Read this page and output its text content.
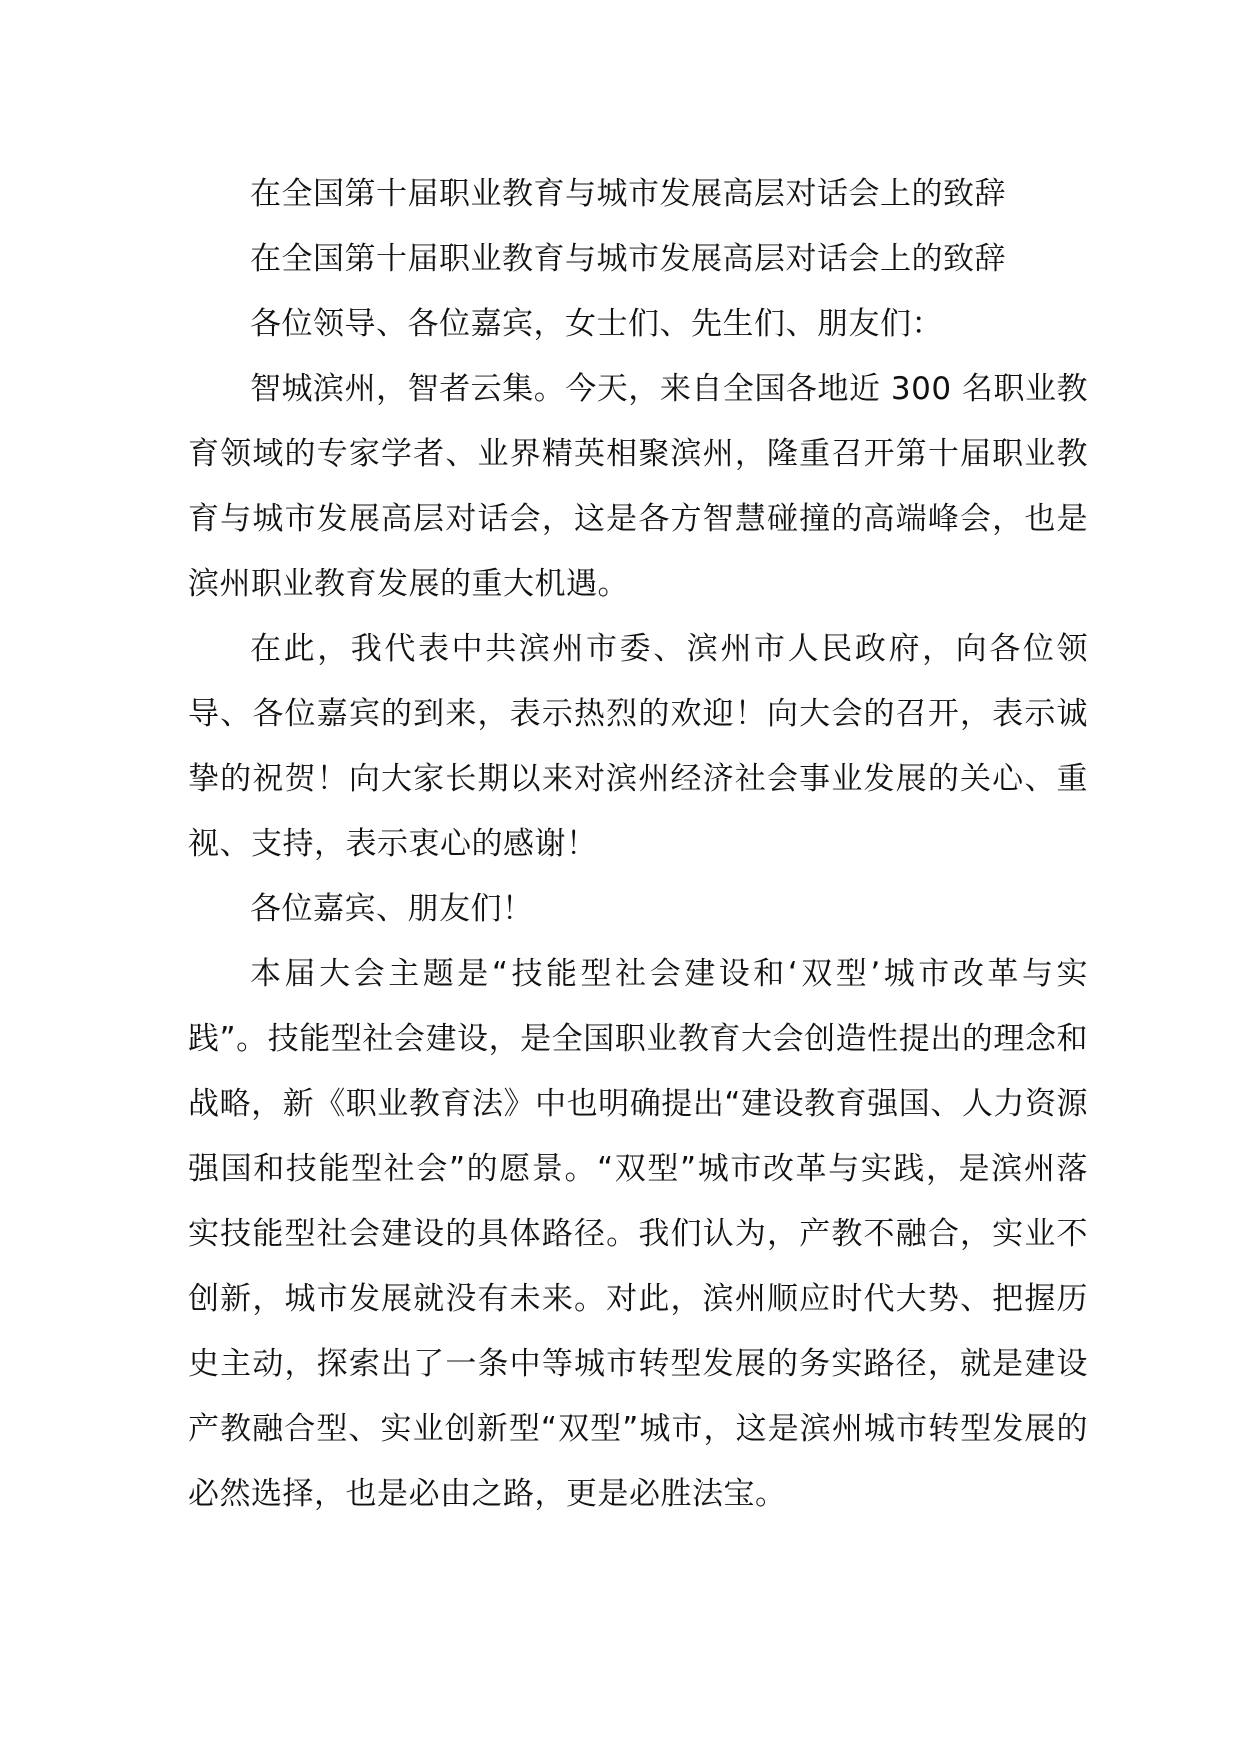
在全国第十届职业教育与城市发展高层对话会上的致辞

在全国第十届职业教育与城市发展高层对话会上的致辞

各位领导、各位嘉宾，女士们、先生们、朋友们：

智城滨州，智者云集。今天，来自全国各地近 300 名职业教育领域的专家学者、业界精英相聚滨州，隆重召开第十届职业教育与城市发展高层对话会，这是各方智慧碰撞的高端峰会，也是滨州职业教育发展的重大机遇。

在此，我代表中共滨州市委、滨州市人民政府，向各位领导、各位嘉宾的到来，表示热烈的欢迎！向大会的召开，表示诚挚的祝贺！向大家长期以来对滨州经济社会事业发展的关心、重视、支持，表示衷心的感谢！

各位嘉宾、朋友们！

本届大会主题是“技能型社会建设和‘双型’城市改革与实践”。技能型社会建设，是全国职业教育大会创造性提出的理念和战略，新《职业教育法》中也明确提出“建设教育强国、人力资源强国和技能型社会”的愿景。“双型”城市改革与实践，是滨州落实技能型社会建设的具体路径。我们认为，产教不融合，实业不创新，城市发展就没有未来。对此，滨州顺应时代大势、把握历史主动，探索出了一条中等城市转型发展的务实路径，就是建设产教融合型、实业创新型“双型”城市，这是滨州城市转型发展的必然选择，也是必由之路，更是必胜法宝。
